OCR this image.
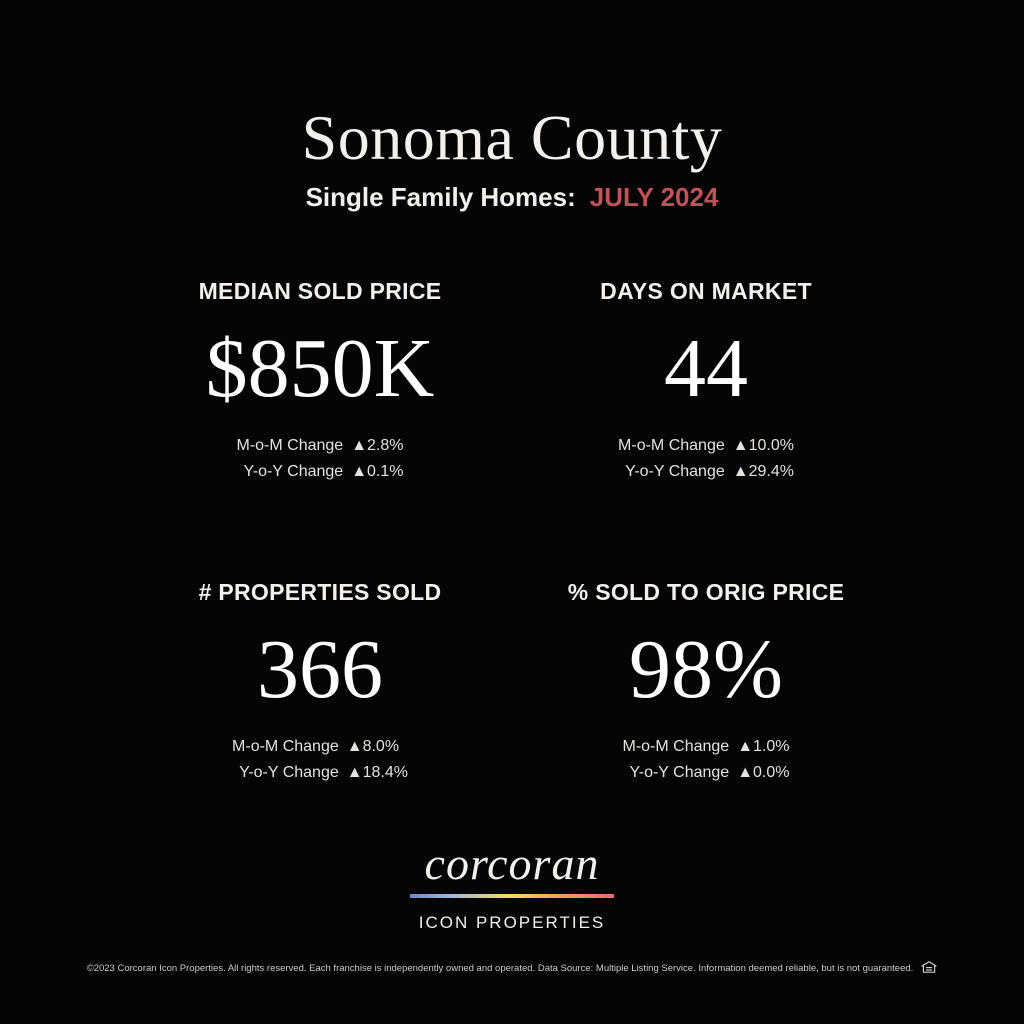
Sonoma County
Single Family Homes: JULY 2024
MEDIAN SOLD PRICE
$850K
M-o-M Change ▲2.8%
Y-o-Y Change ▲0.1%
DAYS ON MARKET
44
M-o-M Change ▲10.0%
Y-o-Y Change ▲29.4%
# PROPERTIES SOLD
366
M-o-M Change ▲8.0%
Y-o-Y Change ▲18.4%
% SOLD TO ORIG PRICE
98%
M-o-M Change ▲1.0%
Y-o-Y Change ▲0.0%
corcoran
ICON PROPERTIES
©2023 Corcoran Icon Properties. All rights reserved. Each franchise is independently owned and operated. Data Source: Multiple Listing Service. Information deemed reliable, but is not guaranteed.
